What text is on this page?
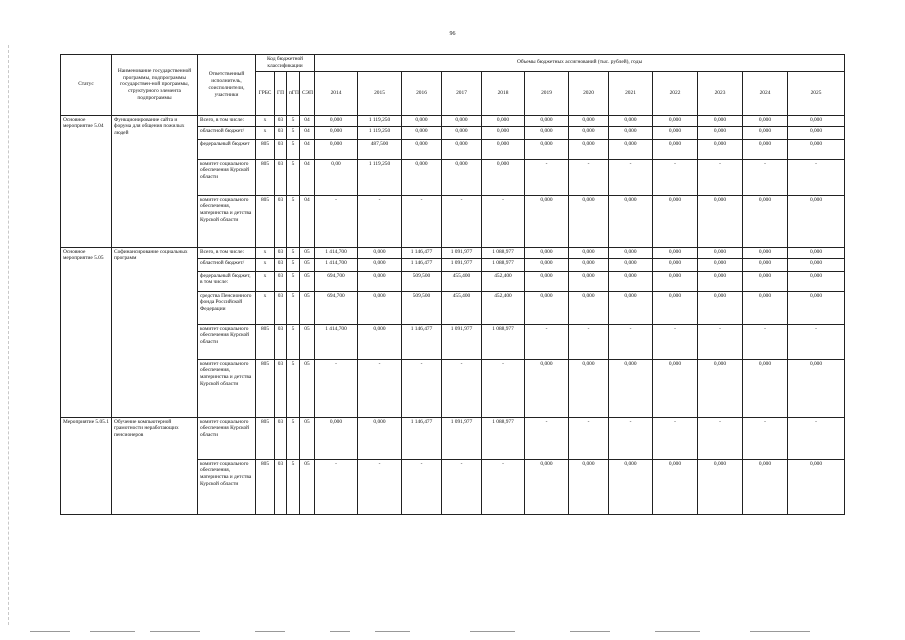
96
Статус	Наименование государственной программы, подпрограммы государствен-ной программы, структурного элемента подпрограммы	Ответственный исполнитель, соисполнители, участники	Код бюджетной классификации				Объемы бюджетных ассигнований (тыс. рублей), годы											
			ГРБС	ГП	пГП	СЭП	2014	2015	2016	2017	2018	2019	2020	2021	2022	2023	2024	2025
Основное мероприятие 5.04	Функционирование сайта и форума для общения пожилых людей	Всего, в том числе:	х	03	5	04	0,000	1 119,250	0,000	0,000	0,000	0,000	0,000	0,000	0,000	0,000	0,000	0,000
		областной бюджет/	х	03	5	04	0,000	1 119,250	0,000	0,000	0,000	0,000	0,000	0,000	0,000	0,000	0,000	0,000
		федеральный бюджет	805	03	5	04	0,000	487,500	0,000	0,000	0,000	0,000	0,000	0,000	0,000	0,000	0,000	0,000
		комитет социального обеспечения Курской области	805	03	5	04	0,00	1 119,250	0,000	0,000	0,000	-	-	-	-	-	-	-
		комитет социального обеспечения, материнства и детства Курской области	805	03	5	04	-	-	-	-	-	0,000	0,000	0,000	0,000	0,000	0,000	0,000
Основное мероприятие 5.05	Софинансирование социальных программ	Всего, в том числе:	х	03	5	05	1 414,700	0,000	1 146,477	1 091,977	1 088,977	0,000	0,000	0,000	0,000	0,000	0,000	0,000
		областной бюджет/	х	03	5	05	1 414,700	0,000	1 146,477	1 091,977	1 088,977	0,000	0,000	0,000	0,000	0,000	0,000	0,000
		федеральный бюджет, в том числе:	х	03	5	05	694,700	0,000	509,500	455,400	452,400	0,000	0,000	0,000	0,000	0,000	0,000	0,000
		средства Пенсионного фонда Российской Федерации	х	03	5	05	694,700	0,000	509,500	455,400	452,400	0,000	0,000	0,000	0,000	0,000	0,000	0,000
		комитет социального обеспечения Курской области	805	03	5	05	1 414,700	0,000	1 146,477	1 091,977	1 088,977	-	-	-	-	-	-	-
		комитет социального обеспечения, материнства и детства Курской области	805	03	5	05	-	-	-	-	-	0,000	0,000	0,000	0,000	0,000	0,000	0,000
Мероприятие 5.05.1	Обучение компьютерной грамотности неработающих пенсионеров	комитет социального обеспечения Курской области	805	03	5	05	0,000	0,000	1 146,477	1 091,977	1 088,977	-	-	-	-	-	-	-
		комитет социального обеспечения, материнства и детства Курской области	805	03	5	05	-	-	-	-	-	0,000	0,000	0,000	0,000	0,000	0,000	0,000
